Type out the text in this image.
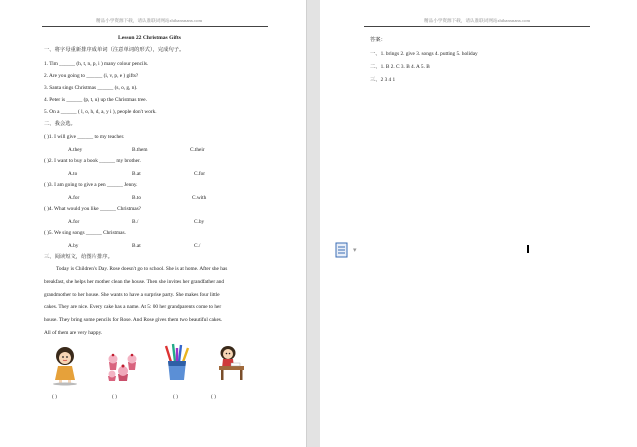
精品小学资源下载，请认准联词网站zhibanxnanx.com
Lesson 22 Christmas Gifts
一、将字母重新排序成单词（注意单词的形式），完成句子。
1. Tim ______ (h, t, n, p, i ) many colour pencils.
2. Are you going to ______ (i, v, p, e ) gifts?
3. Santa sings Christmas ______ (s, o, g, n).
4. Peter is ______ (p, t, u) up the Christmas tree.
5. On a ______ ( l, o, h, d, a, y i ), people don't work.
二、我会选。
( )1. I will give ______ to my teacher.
A.they	B.them	C.their
( )2. I want to buy a book ______ my brother.
A.to	B.at	C.for
( )3. I am going to give a pen ______ Jenny.
A.for	B.to	C.with
( )4. What would you like ______ Christmas?
A.for	B./	C.by
( )5. We sing songs ______ Christmas.
A.by	B.at	C./
三、阅读短文，给图片排序。
Today is Children's Day. Rose doesn't go to school. She is at home. After she has
breakfast, she helps her mother clean the house. Then she invites her grandfather and
grandmother to her house. She wants to have a surprise party. She makes four little
cakes. They are nice. Every cake has a name. At 5: 00 her grandparents come to her
house. They bring some pencils for Rose. And Rose gives them two beautiful cakes.
All of them are very happy.
( )	( )	( )	( )
精品小学资源下载，请认准联词网站zhibanxnanx.com
答案：
一、1. brings 2. give 3. songs 4. putting 5. holiday
二、1. B 2. C 3. B 4. A 5. B
三、2 3 4 1
▾
